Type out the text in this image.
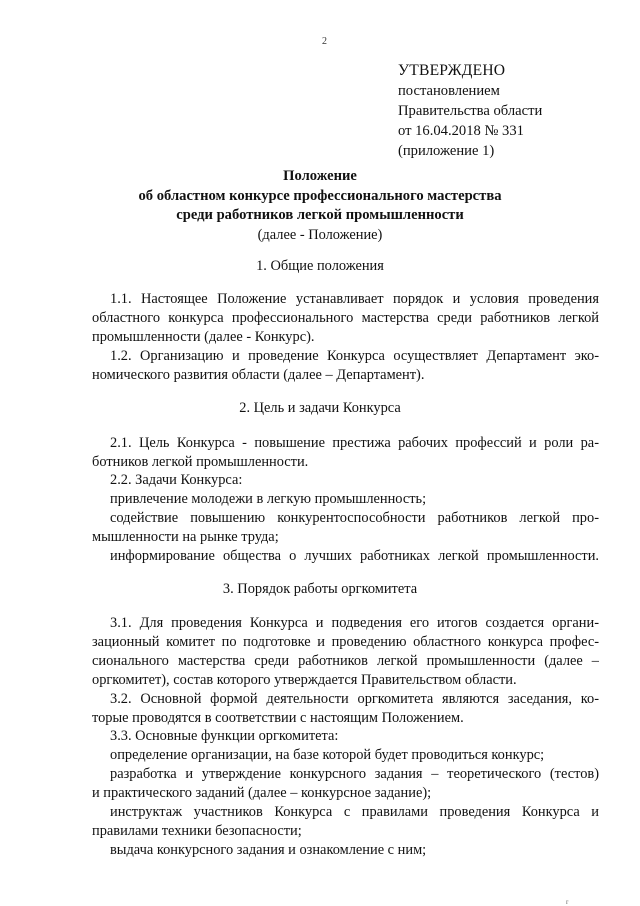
2
УТВЕРЖДЕНО
постановлением
Правительства области
от 16.04.2018 № 331
(приложение 1)
Положение
об областном конкурсе профессионального мастерства
среди работников легкой промышленности
(далее - Положение)
1. Общие положения
1.1. Настоящее Положение устанавливает порядок и условия проведения
областного конкурса профессионального мастерства среди работников легкой
промышленности (далее - Конкурс).
1.2. Организацию и проведение Конкурса осуществляет Департамент эко-
номического развития области (далее – Департамент).
2. Цель и задачи Конкурса
2.1. Цель Конкурса - повышение престижа рабочих профессий и роли ра-
ботников легкой промышленности.
2.2. Задачи Конкурса:
привлечение молодежи в легкую промышленность;
содействие повышению конкурентоспособности работников легкой про-
мышленности на рынке труда;
информирование общества о лучших работниках легкой промышленности.
3. Порядок работы оргкомитета
3.1. Для проведения Конкурса и подведения его итогов создается органи-
зационный комитет по подготовке и проведению областного конкурса профес-
сионального мастерства среди работников легкой промышленности (далее –
оргкомитет), состав которого утверждается Правительством области.
3.2. Основной формой деятельности оргкомитета являются заседания, ко-
торые проводятся в соответствии с настоящим Положением.
3.3. Основные функции оргкомитета:
определение организации, на базе которой будет проводиться конкурс;
разработка и утверждение конкурсного задания – теоретического (тестов)
и практического заданий (далее – конкурсное задание);
инструктаж участников Конкурса с правилами проведения Конкурса и
правилами техники безопасности;
выдача конкурсного задания и ознакомление с ним;
r
